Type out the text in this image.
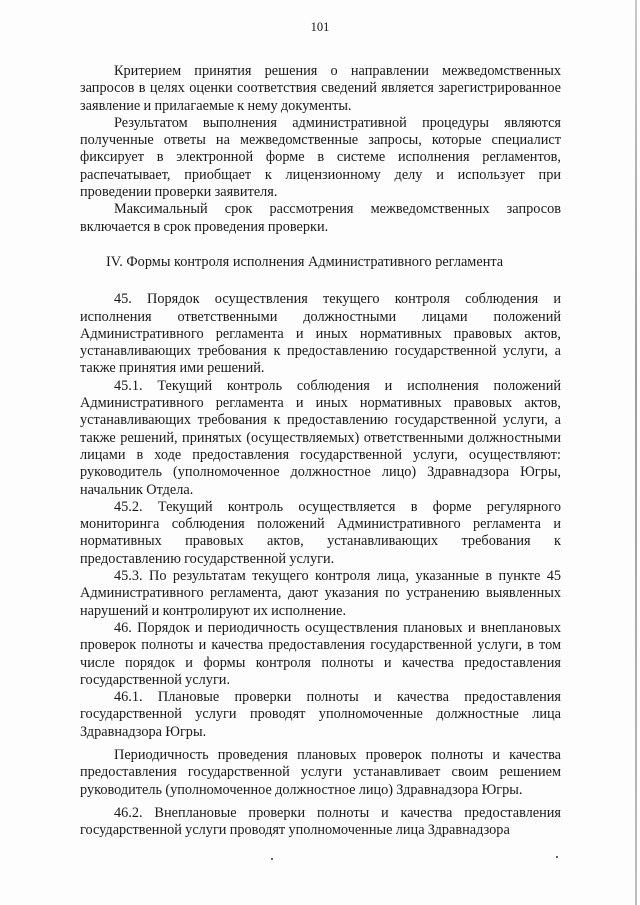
101

Критерием принятия решения о направлении межведомственных запросов в целях оценки соответствия сведений является зарегистрированное заявление и прилагаемые к нему документы.

Результатом выполнения административной процедуры являются полученные ответы на межведомственные запросы, которые специалист фиксирует в электронной форме в системе исполнения регламентов, распечатывает, приобщает к лицензионному делу и использует при проведении проверки заявителя.

Максимальный срок рассмотрения межведомственных запросов включается в срок проведения проверки.

IV. Формы контроля исполнения Административного регламента

45. Порядок осуществления текущего контроля соблюдения и исполнения ответственными должностными лицами положений Административного регламента и иных нормативных правовых актов, устанавливающих требования к предоставлению государственной услуги, а также принятия ими решений.

45.1. Текущий контроль соблюдения и исполнения положений Административного регламента и иных нормативных правовых актов, устанавливающих требования к предоставлению государственной услуги, а также решений, принятых (осуществляемых) ответственными должностными лицами в ходе предоставления государственной услуги, осуществляют: руководитель (уполномоченное должностное лицо) Здравнадзора Югры, начальник Отдела.

45.2. Текущий контроль осуществляется в форме регулярного мониторинга соблюдения положений Административного регламента и нормативных правовых актов, устанавливающих требования к предоставлению государственной услуги.

45.3. По результатам текущего контроля лица, указанные в пункте 45 Административного регламента, дают указания по устранению выявленных нарушений и контролируют их исполнение.

46. Порядок и периодичность осуществления плановых и внеплановых проверок полноты и качества предоставления государственной услуги, в том числе порядок и формы контроля полноты и качества предоставления государственной услуги.

46.1. Плановые проверки полноты и качества предоставления государственной услуги проводят уполномоченные должностные лица Здравнадзора Югры.

Периодичность проведения плановых проверок полноты и качества предоставления государственной услуги устанавливает своим решением руководитель (уполномоченное должностное лицо) Здравнадзора Югры.

46.2. Внеплановые проверки полноты и качества предоставления государственной услуги проводят уполномоченные лица Здравнадзора
